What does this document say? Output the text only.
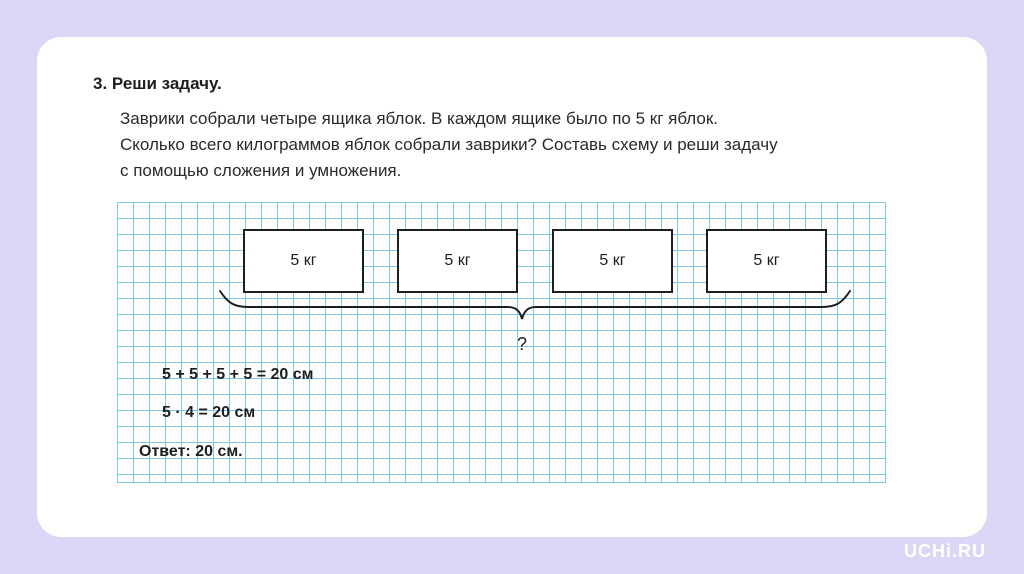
3. Реши задачу.

Заврики собрали четыре ящика яблок. В каждом ящике было по 5 кг яблок.
Сколько всего килограммов яблок собрали заврики? Составь схему и реши задачу
с помощью сложения и умножения.

5 кг	5 кг	5 кг	5 кг
?
5 + 5 + 5 + 5 = 20 см
5 · 4 = 20 см
Ответ: 20 см.
UCHi.RU
